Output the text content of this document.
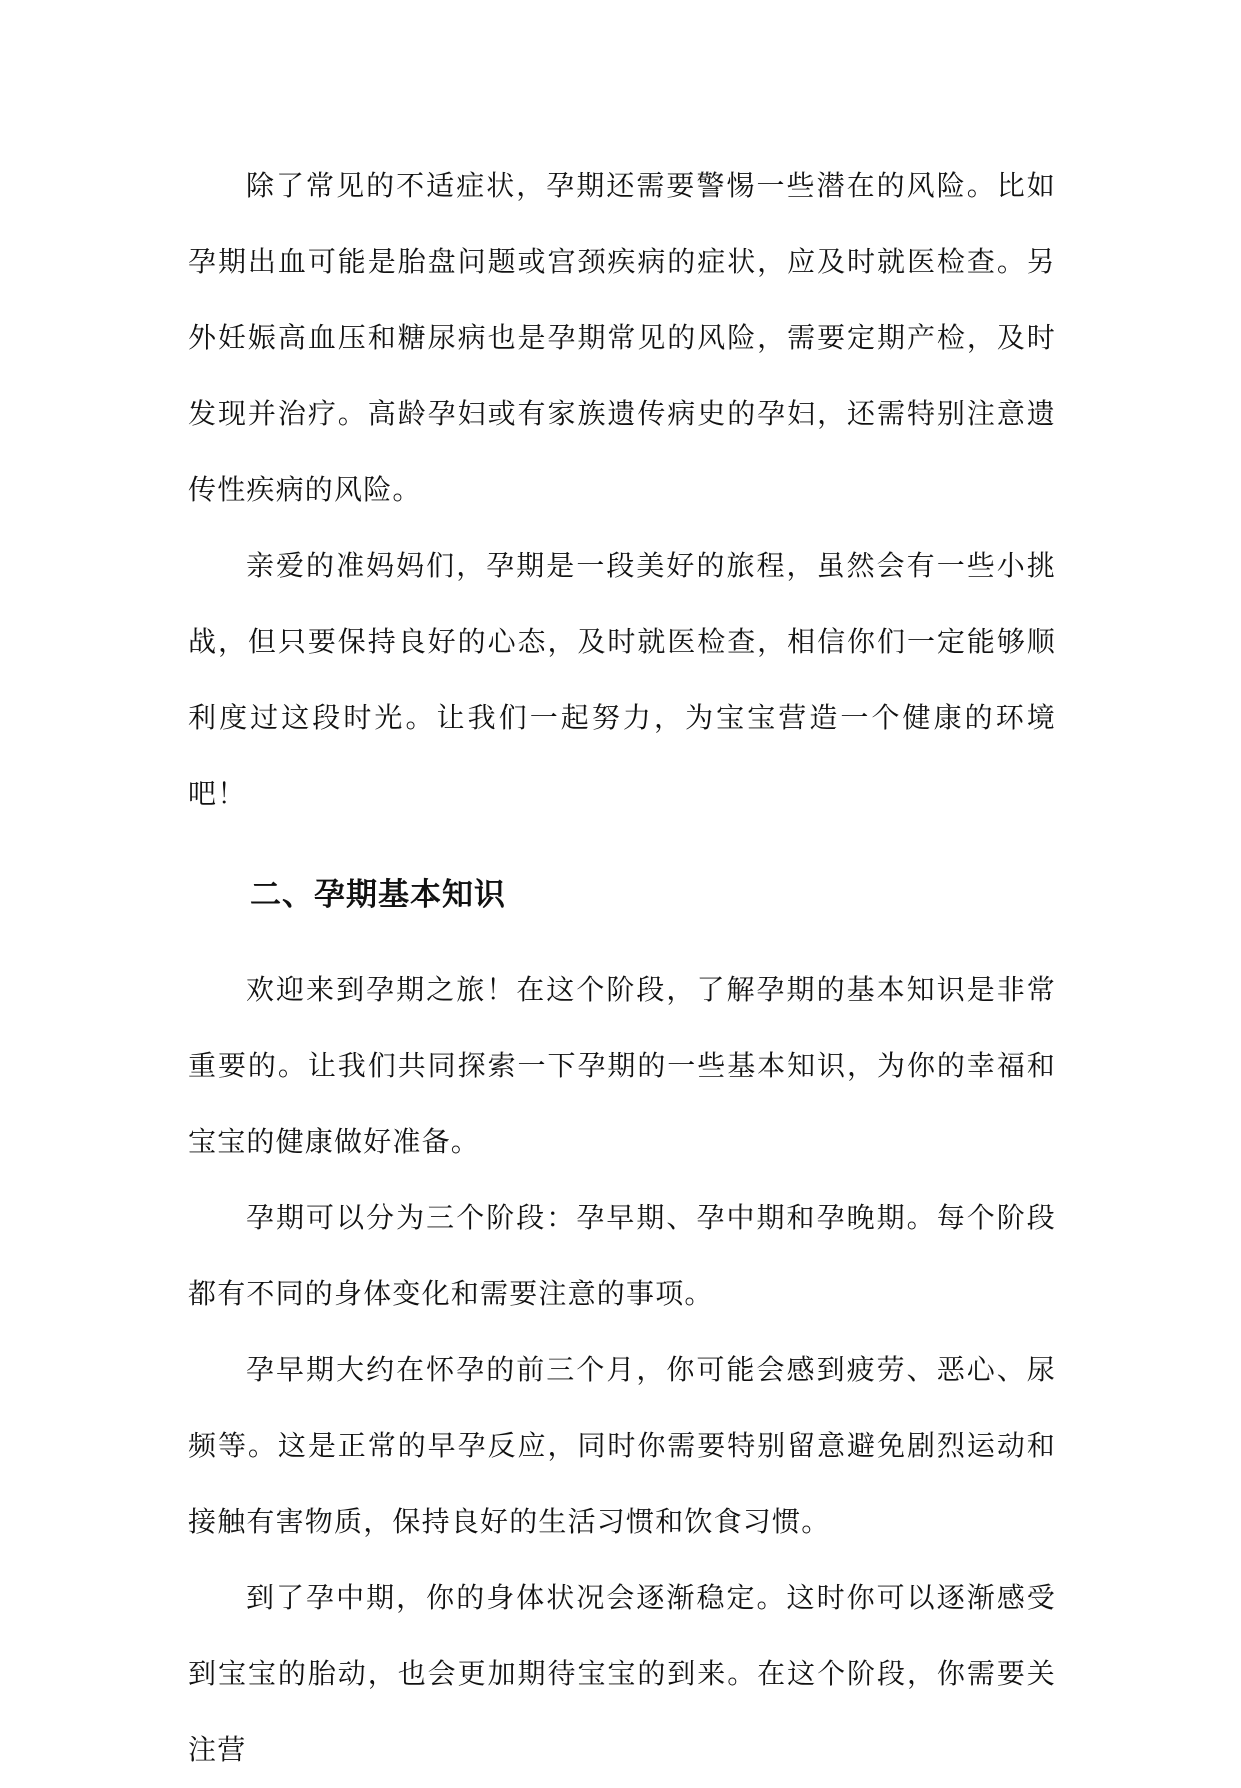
除了常见的不适症状，孕期还需要警惕一些潜在的风险。比如孕期出血可能是胎盘问题或宫颈疾病的症状，应及时就医检查。另外妊娠高血压和糖尿病也是孕期常见的风险，需要定期产检，及时发现并治疗。高龄孕妇或有家族遗传病史的孕妇，还需特别注意遗传性疾病的风险。

亲爱的准妈妈们，孕期是一段美好的旅程，虽然会有一些小挑战，但只要保持良好的心态，及时就医检查，相信你们一定能够顺利度过这段时光。让我们一起努力，为宝宝营造一个健康的环境吧！

二、孕期基本知识

欢迎来到孕期之旅！在这个阶段，了解孕期的基本知识是非常重要的。让我们共同探索一下孕期的一些基本知识，为你的幸福和宝宝的健康做好准备。

孕期可以分为三个阶段：孕早期、孕中期和孕晚期。每个阶段都有不同的身体变化和需要注意的事项。

孕早期大约在怀孕的前三个月，你可能会感到疲劳、恶心、尿频等。这是正常的早孕反应，同时你需要特别留意避免剧烈运动和接触有害物质，保持良好的生活习惯和饮食习惯。

到了孕中期，你的身体状况会逐渐稳定。这时你可以逐渐感受到宝宝的胎动，也会更加期待宝宝的到来。在这个阶段，你需要关注营
